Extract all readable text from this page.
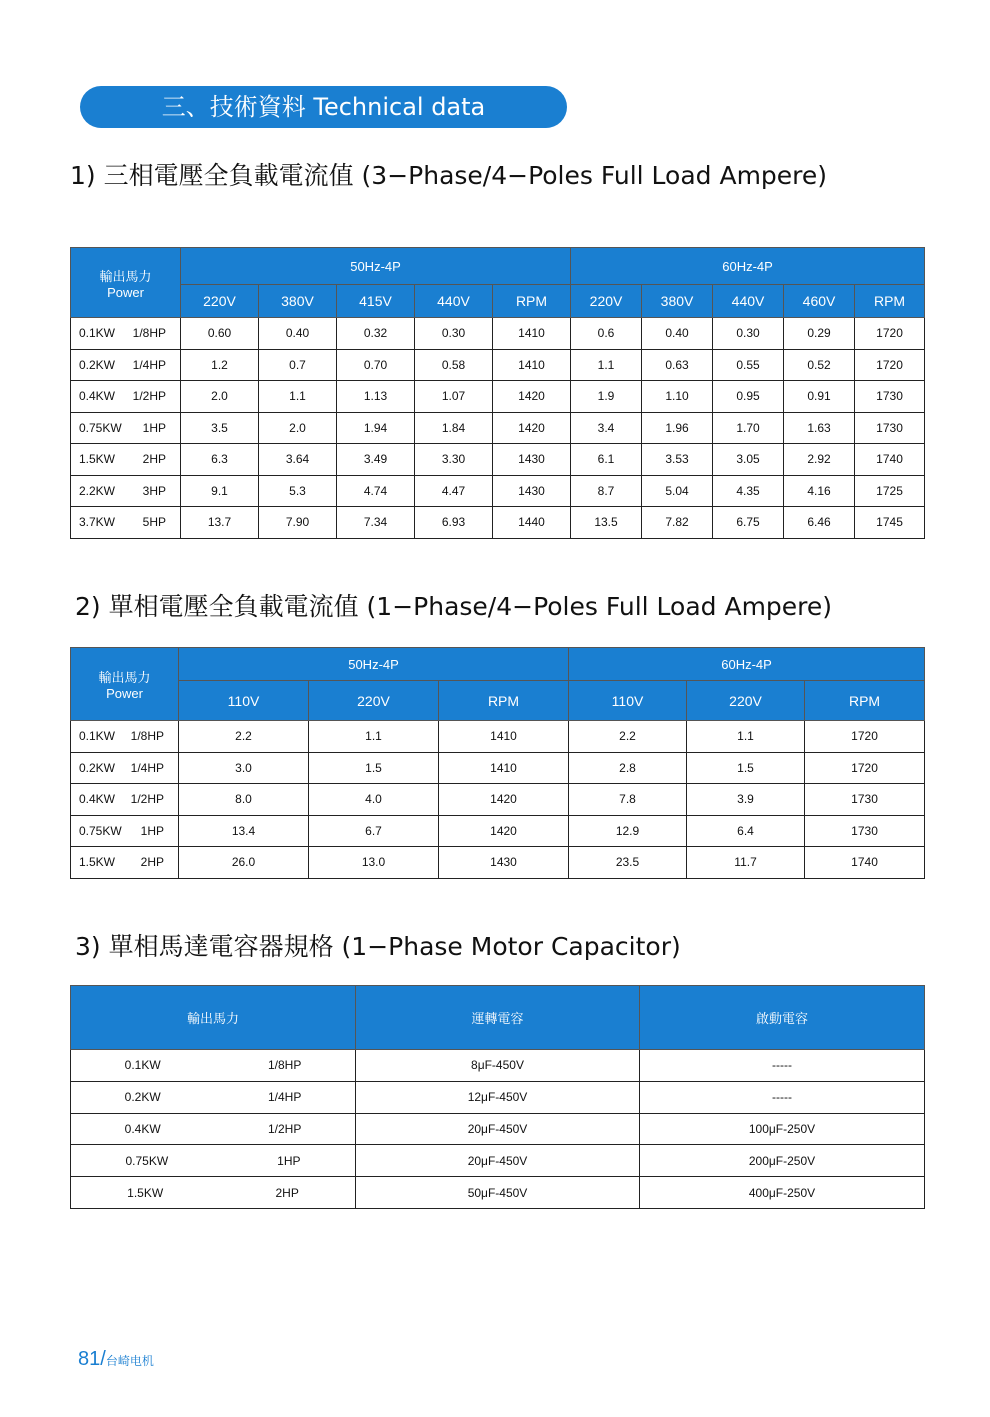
三、技術資料 Technical data
1) 三相電壓全負載電流值 (3−Phase/4−Poles Full Load Ampere)
2) 單相電壓全負載電流值 (1−Phase/4−Poles Full Load Ampere)
3) 單相馬達電容器規格 (1−Phase Motor Capacitor)
輸出馬力
Power	50Hz-4P					60Hz-4P				
	220V	380V	415V	440V	RPM	220V	380V	440V	460V	RPM

0.1KW 1/8HP	0.60	0.40	0.32	0.30	1410	0.6	0.40	0.30	0.29	1720

0.2KW 1/4HP	1.2	0.7	0.70	0.58	1410	1.1	0.63	0.55	0.52	1720

0.4KW 1/2HP	2.0	1.1	1.13	1.07	1420	1.9	1.10	0.95	0.91	1730

0.75KW 1HP	3.5	2.0	1.94	1.84	1420	3.4	1.96	1.70	1.63	1730

1.5KW 2HP	6.3	3.64	3.49	3.30	1430	6.1	3.53	3.05	2.92	1740

2.2KW 3HP	9.1	5.3	4.74	4.47	1430	8.7	5.04	4.35	4.16	1725

3.7KW 5HP	13.7	7.90	7.34	6.93	1440	13.5	7.82	6.75	6.46	1745
輸出馬力
Power	50Hz-4P			60Hz-4P		
	110V	220V	RPM	110V	220V	RPM

0.1KW 1/8HP	2.2	1.1	1410	2.2	1.1	1720

0.2KW 1/4HP	3.0	1.5	1410	2.8	1.5	1720

0.4KW 1/2HP	8.0	4.0	1420	7.8	3.9	1730

0.75KW 1HP	13.4	6.7	1420	12.9	6.4	1730

1.5KW 2HP	26.0	13.0	1430	23.5	11.7	1740
輸出馬力	運轉電容	啟動電容

0.1KW 1/8HP	8μF-450V	-----

0.2KW 1/4HP	12μF-450V	-----

0.4KW 1/2HP	20μF-450V	100μF-250V

0.75KW 1HP	20μF-450V	200μF-250V

1.5KW 2HP	50μF-450V	400μF-250V
81/台崎电机
